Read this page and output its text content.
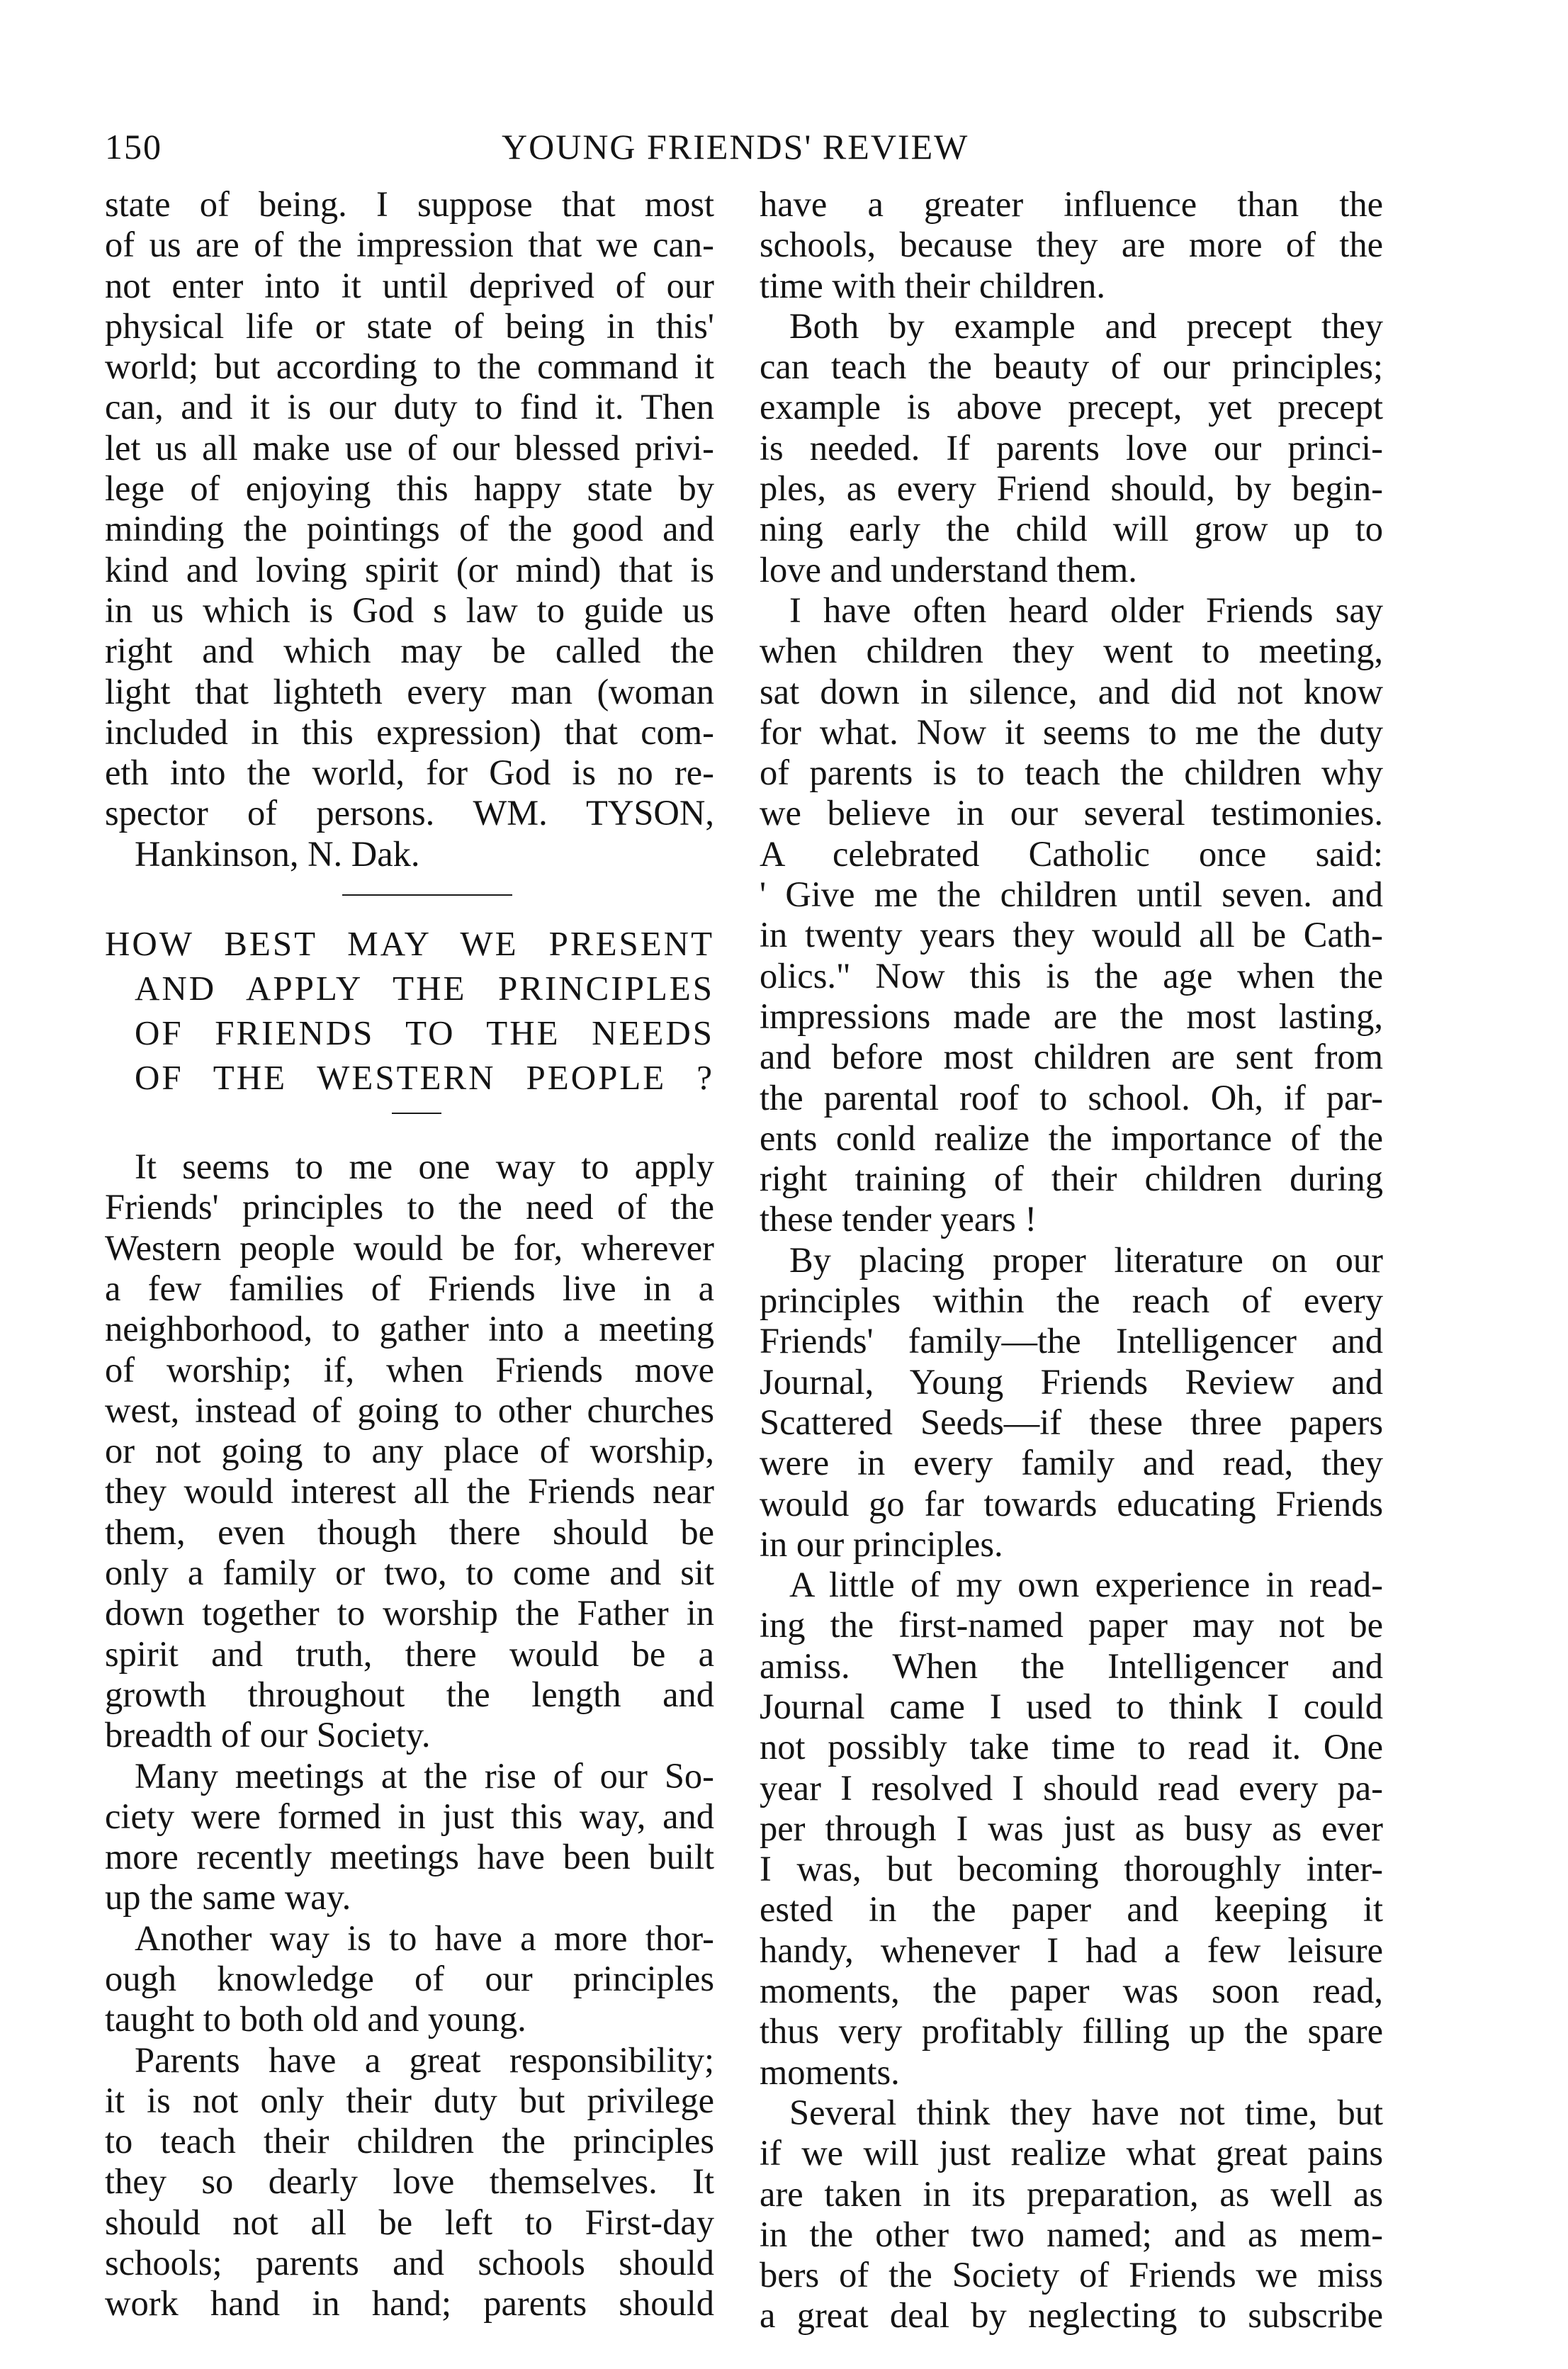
150	YOUNG FRIENDS' REVIEW
state of being. I suppose that most
of us are of the impression that we can-
not enter into it until deprived of our
physical life or state of being in this'
world; but according to the command it
can, and it is our duty to find it. Then
let us all make use of our blessed privi-
lege of enjoying this happy state by
minding the pointings of the good and
kind and loving spirit (or mind) that is
in us which is God s law to guide us
right and which may be called the
light that lighteth every man (woman
included in this expression) that com-
eth into the world, for God is no re-
spector of persons. WM. TYSON,
Hankinson, N. Dak.
HOW BEST MAY WE PRESENT
AND APPLY THE PRINCIPLES
OF FRIENDS TO THE NEEDS
OF THE WESTERN PEOPLE ?
It seems to me one way to apply
Friends' principles to the need of the
Western people would be for, wherever
a few families of Friends live in a
neighborhood, to gather into a meeting
of worship; if, when Friends move
west, instead of going to other churches
or not going to any place of worship,
they would interest all the Friends near
them, even though there should be
only a family or two, to come and sit
down together to worship the Father in
spirit and truth, there would be a
growth throughout the length and
breadth of our Society.
Many meetings at the rise of our So-
ciety were formed in just this way, and
more recently meetings have been built
up the same way.
Another way is to have a more thor-
ough knowledge of our principles
taught to both old and young.
Parents have a great responsibility;
it is not only their duty but privilege
to teach their children the principles
they so dearly love themselves. It
should not all be left to First-day
schools; parents and schools should
work hand in hand; parents should
have a greater influence than the
schools, because they are more of the
time with their children.
Both by example and precept they
can teach the beauty of our principles;
example is above precept, yet precept
is needed. If parents love our princi-
ples, as every Friend should, by begin-
ning early the child will grow up to
love and understand them.
I have often heard older Friends say
when children they went to meeting,
sat down in silence, and did not know
for what. Now it seems to me the duty
of parents is to teach the children why
we believe in our several testimonies.
A celebrated Catholic once said:
' Give me the children until seven. and
in twenty years they would all be Cath-
olics." Now this is the age when the
impressions made are the most lasting,
and before most children are sent from
the parental roof to school. Oh, if par-
ents conld realize the importance of the
right training of their children during
these tender years !
By placing proper literature on our
principles within the reach of every
Friends' family—the Intelligencer and
Journal, Young Friends Review and
Scattered Seeds—if these three papers
were in every family and read, they
would go far towards educating Friends
in our principles.
A little of my own experience in read-
ing the first-named paper may not be
amiss. When the Intelligencer and
Journal came I used to think I could
not possibly take time to read it. One
year I resolved I should read every pa-
per through I was just as busy as ever
I was, but becoming thoroughly inter-
ested in the paper and keeping it
handy, whenever I had a few leisure
moments, the paper was soon read,
thus very profitably filling up the spare
moments.
Several think they have not time, but
if we will just realize what great pains
are taken in its preparation, as well as
in the other two named; and as mem-
bers of the Society of Friends we miss
a great deal by neglecting to subscribe
